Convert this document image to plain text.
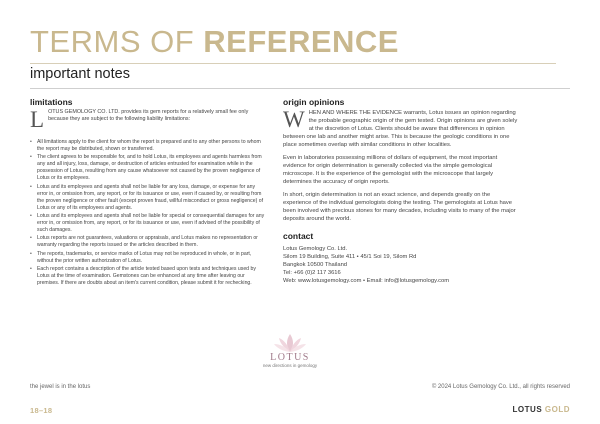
TERMS OF REFERENCE
important notes
limitations
L OTUS GEMOLOGY CO. LTD. provides its gem reports for a relatively small fee only because they are subject to the following liability limitations:
• All limitations apply to the client for whom the report is prepared and to any other persons to whom the report may be distributed, shown or transferred.
• The client agrees to be responsible for, and to hold Lotus, its employees and agents harmless from any and all injury, loss, damage, or destruction of articles entrusted for examination while in the possession of Lotus, resulting from any cause whatsoever not caused by the proven negligence of Lotus or its employees.
• Lotus and its employees and agents shall not be liable for any loss, damage, or expense for any error in, or omission from, any report, or for its issuance or use, even if caused by, or resulting from the proven negligence or other fault (except proven fraud, willful misconduct or gross negligence) of Lotus or any of its employees and agents.
• Lotus and its employees and agents shall not be liable for special or consequential damages for any error in, or omission from, any report, or for its issuance or use, even if advised of the possibility of such damages.
• Lotus reports are not guarantees, valuations or appraisals, and Lotus makes no representation or warranty regarding the reports issued or the articles described in them.
• The reports, trademarks, or service marks of Lotus may not be reproduced in whole, or in part, without the prior written authorization of Lotus.
• Each report contains a description of the article tested based upon tests and techniques used by Lotus at the time of examination. Gemstones can be enhanced at any time after leaving our premises. If there are doubts about an item's current condition, please submit it for rechecking.
origin opinions
W HEN AND WHERE THE EVIDENCE warrants, Lotus issues an opinion regarding the probable geographic origin of the gem tested. Origin opinions are given solely at the discretion of Lotus. Clients should be aware that differences in opinion between one lab and another might arise. This is because the geologic conditions in one place sometimes overlap with similar conditions in other localities.
Even in laboratories possessing millions of dollars of equipment, the most important evidence for origin determination is generally collected via the simple gemological microscope. It is the experience of the gemologist with the microscope that largely determines the accuracy of origin reports.
In short, origin determination is not an exact science, and depends greatly on the experience of the individual gemologists doing the testing. The gemologists at Lotus have been involved with precious stones for many decades, including visits to many of the major deposits around the world.
contact
Lotus Gemology Co. Ltd.
Silom 19 Building, Suite 411 • 45/1 Soi 19, Silom Rd
Bangkok 10500 Thailand
Tel: +66 (0)2 117 3616
Web: www.lotusgemology.com • Email: info@lotusgemology.com
LOTUS
new directions in gemology
the jewel is in the lotus	© 2024 Lotus Gemology Co. Ltd., all rights reserved
18–18	LOTUS GOLD
